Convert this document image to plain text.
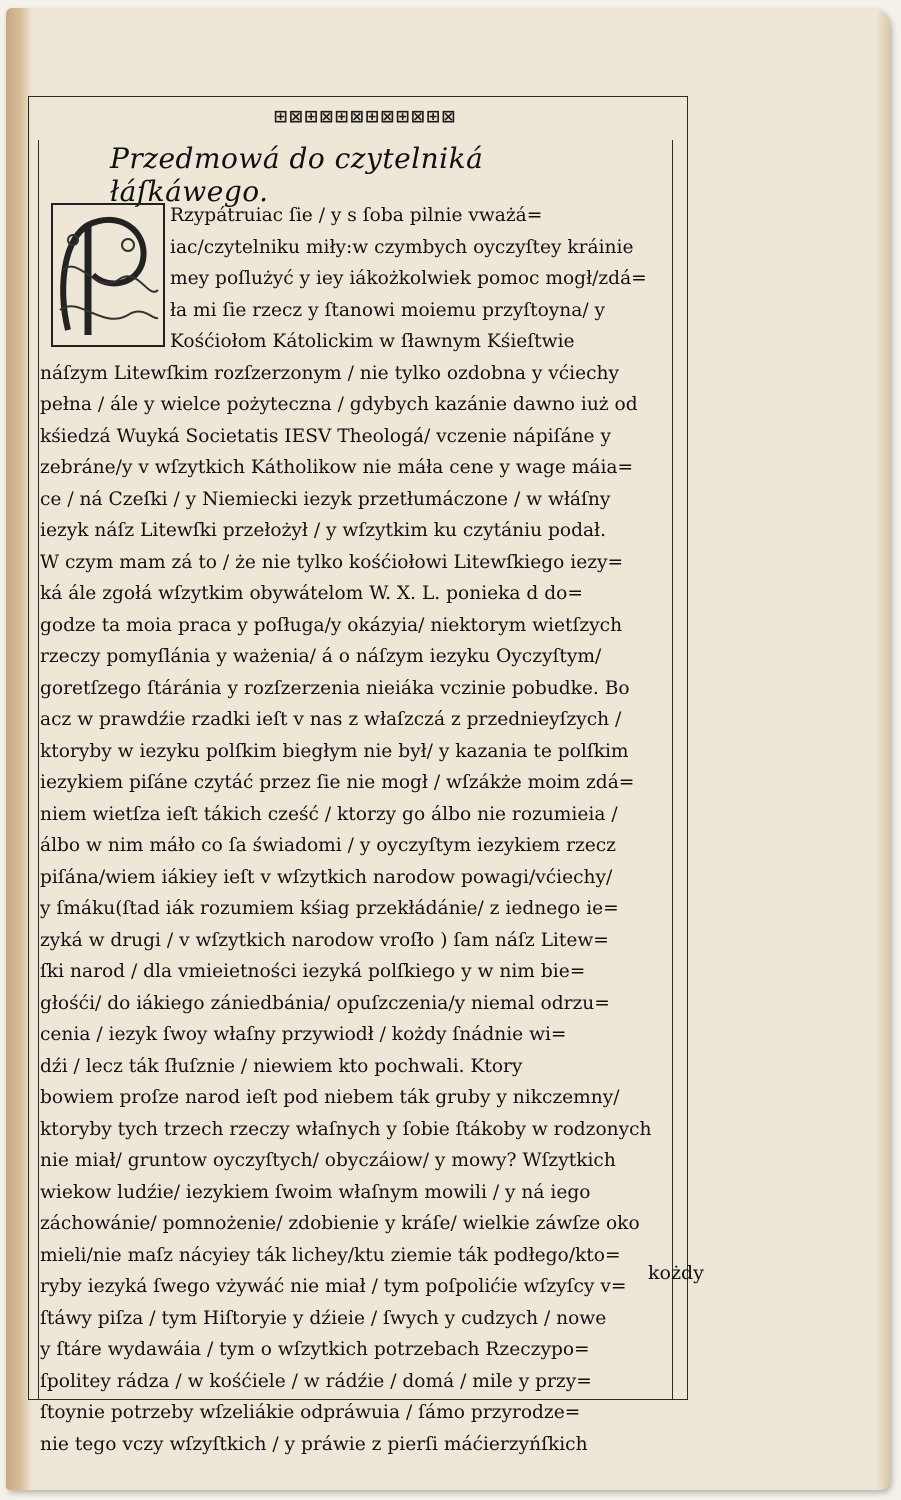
⊞⊠⊞⊠⊞⊠⊞⊠⊞⊠⊞⊠
Przedmowá do czytelniká łáſkáwego.
Rzypátruiac ſie / y s ſoba pilnie vważá=
iac/czytelniku miły:w czymbych oyczyſtey kráinie
mey poſlużyć y iey iákożkolwiek pomoc mogł/zdá=
ła mi ſie rzecz y ſtanowi moiemu przyſtoyna/ y
Kośćiołom Kátolickim w ſławnym Kśieſtwie
náſzym Litewſkim rozſzerzonym / nie tylko ozdobna y vćiechy
pełna / ále y wielce pożyteczna / gdybych kazánie dawno iuż od
kśiedzá Wuyká Societatis IESV Theologá/ vczenie nápiſáne y
zebráne/y v wſzytkich Kátholikow nie máła cene y wage máia=
ce / ná Czeſki / y Niemiecki iezyk przetłumáczone / w włáſny
iezyk náſz Litewſki przełożył / y wſzytkim ku czytániu podał.
W czym mam zá to / że nie tylko kośćiołowi Litewſkiego iezy=
ká ále zgołá wſzytkim obywátelom W. X. L. ponieka d do=
godze ta moia praca y poſługa/y okázyia/ niektorym wietſzych
rzeczy pomyſlánia y ważenia/ á o náſzym iezyku Oyczyſtym/
goretſzego ſtáránia y rozſzerzenia nieiáka vczinie pobudke. Bo
acz w prawdźie rzadki ieſt v nas z właſzczá z przednieyſzych /
ktoryby w iezyku polſkim biegłym nie był/ y kazania te polſkim
iezykiem piſáne czytáć przez ſie nie mogł / wſzákże moim zdá=
niem wietſza ieſt tákich cześć / ktorzy go álbo nie rozumieia /
álbo w nim máło co ſa świadomi / y oyczyſtym iezykiem rzecz
piſána/wiem iákiey ieſt v wſzytkich narodow powagi/vćiechy/
y ſmáku(ſtad iák rozumiem kśiag przekłádánie/ z iednego ie=
zyká w drugi / v wſzytkich narodow vroſło ) ſam náſz Litew=
ſki narod / dla vmieietności iezyká polſkiego y w nim bie=
głośći/ do iákiego zániedbánia/ opuſzczenia/y niemal odrzu=
cenia / iezyk ſwoy właſny przywiodł / kożdy ſnádnie wi=
dźi / lecz ták ſłuſznie / niewiem kto pochwali. Ktory
bowiem proſze narod ieſt pod niebem ták gruby y nikczemny/
ktoryby tych trzech rzeczy właſnych y ſobie ſtákoby w rodzonych
nie miał/ gruntow oyczyſtych/ obyczáiow/ y mowy? Wſzytkich
wiekow ludźie/ iezykiem ſwoim właſnym mowili / y ná iego
záchowánie/ pomnożenie/ zdobienie y kráſe/ wielkie záwſze oko
mieli/nie maſz nácyiey ták lichey/ktu ziemie ták podłego/kto=
ryby iezyká ſwego vżywáć nie miał / tym poſpolićie wſzyſcy v=
ſtáwy piſza / tym Hiſtoryie y dźieie / ſwych y cudzych / nowe
y ſtáre wydawáia / tym o wſzytkich potrzebach Rzeczypo=
ſpolitey rádza / w kośćiele / w rádźie / domá / mile y przy=
ſtoynie potrzeby wſzeliákie odpráwuia / ſámo przyrodze=
nie tego vczy wſzyſtkich / y práwie z pierſi máćierzyńſkich
kożdy
